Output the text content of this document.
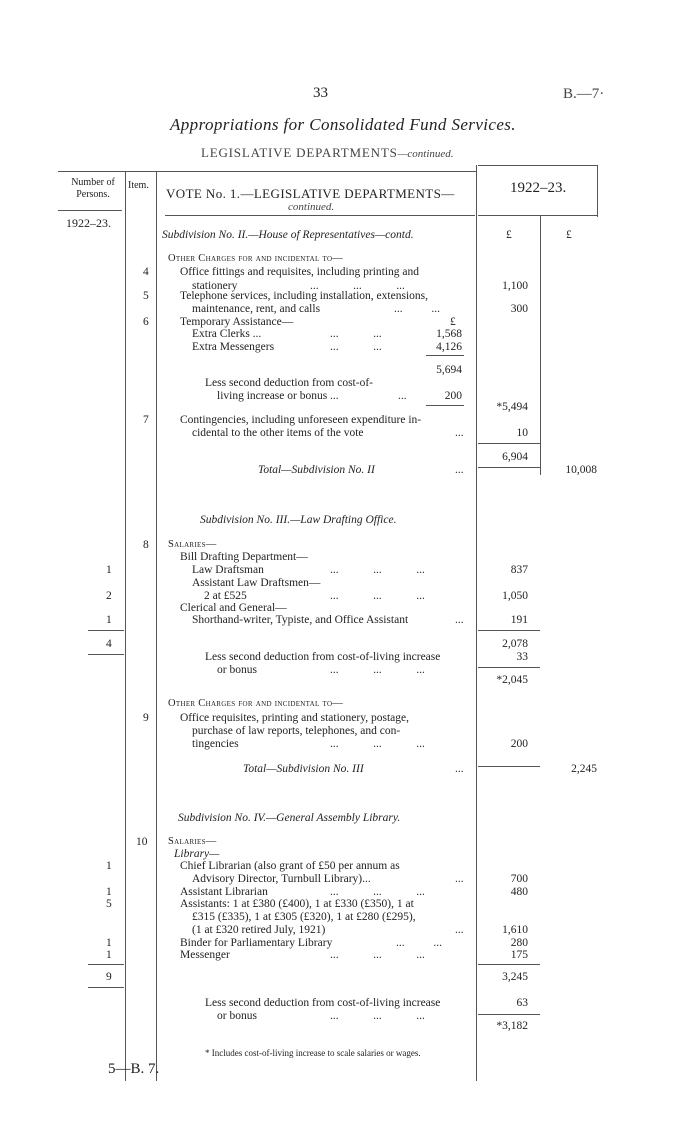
33	B.—7·
Appropriations for Consolidated Fund Services.
LEGISLATIVE DEPARTMENTS—continued.
Number of Persons.
Item.
1922–23.
1922–23.
VOTE No. 1.—LEGISLATIVE DEPARTMENTS—
continued.
Subdivision No. II.—House of Representatives—contd.	£	£
Other Charges for and incidental to—
4	Office fittings and requisites, including printing and
stationery	...            ...            ...	1,100
5	Telephone services, including installation, extensions,
maintenance, rent, and calls	...          ...	300
6	Temporary Assistance—	£
Extra Clerks ...	...            ...	1,568
Extra Messengers	...            ...	4,126
5,694
Less second deduction from cost-of-
living increase or bonus ...	...	200
*5,494
7	Contingencies, including unforeseen expenditure in-
cidental to the other items of the vote	...	10
6,904
Total—Subdivision No. II	...	10,008
Subdivision No. III.—Law Drafting Office.
8 Salaries—
Bill Drafting Department—
1	Law Draftsman	...            ...            ...	837
Assistant Law Draftsmen—
2	2 at £525	...            ...            ...	1,050
Clerical and General—
1	Shorthand-writer, Typiste, and Office Assistant	...	191
4	2,078
Less second deduction from cost-of-living increase	33
or bonus	...            ...            ...
*2,045
Other Charges for and incidental to—
9	Office requisites, printing and stationery, postage,
purchase of law reports, telephones, and con-
tingencies	...            ...            ...	200
Total—Subdivision No. III	...	2,245
Subdivision No. IV.—General Assembly Library.
10 Salaries—
Library—
1	Chief Librarian (also grant of £50 per annum as
Advisory Director, Turnbull Library)...	...	700
1	Assistant Librarian	...            ...            ...	480
5	Assistants: 1 at £380 (£400), 1 at £330 (£350), 1 at
£315 (£335), 1 at £305 (£320), 1 at £280 (£295),
(1 at £320 retired July, 1921)	...	1,610
1	Binder for Parliamentary Library	...          ...	280
1	Messenger	...            ...            ...	175
9	3,245
Less second deduction from cost-of-living increase	63
or bonus	...            ...            ...
*3,182
* Includes cost-of-living increase to scale salaries or wages.
5—B. 7.
